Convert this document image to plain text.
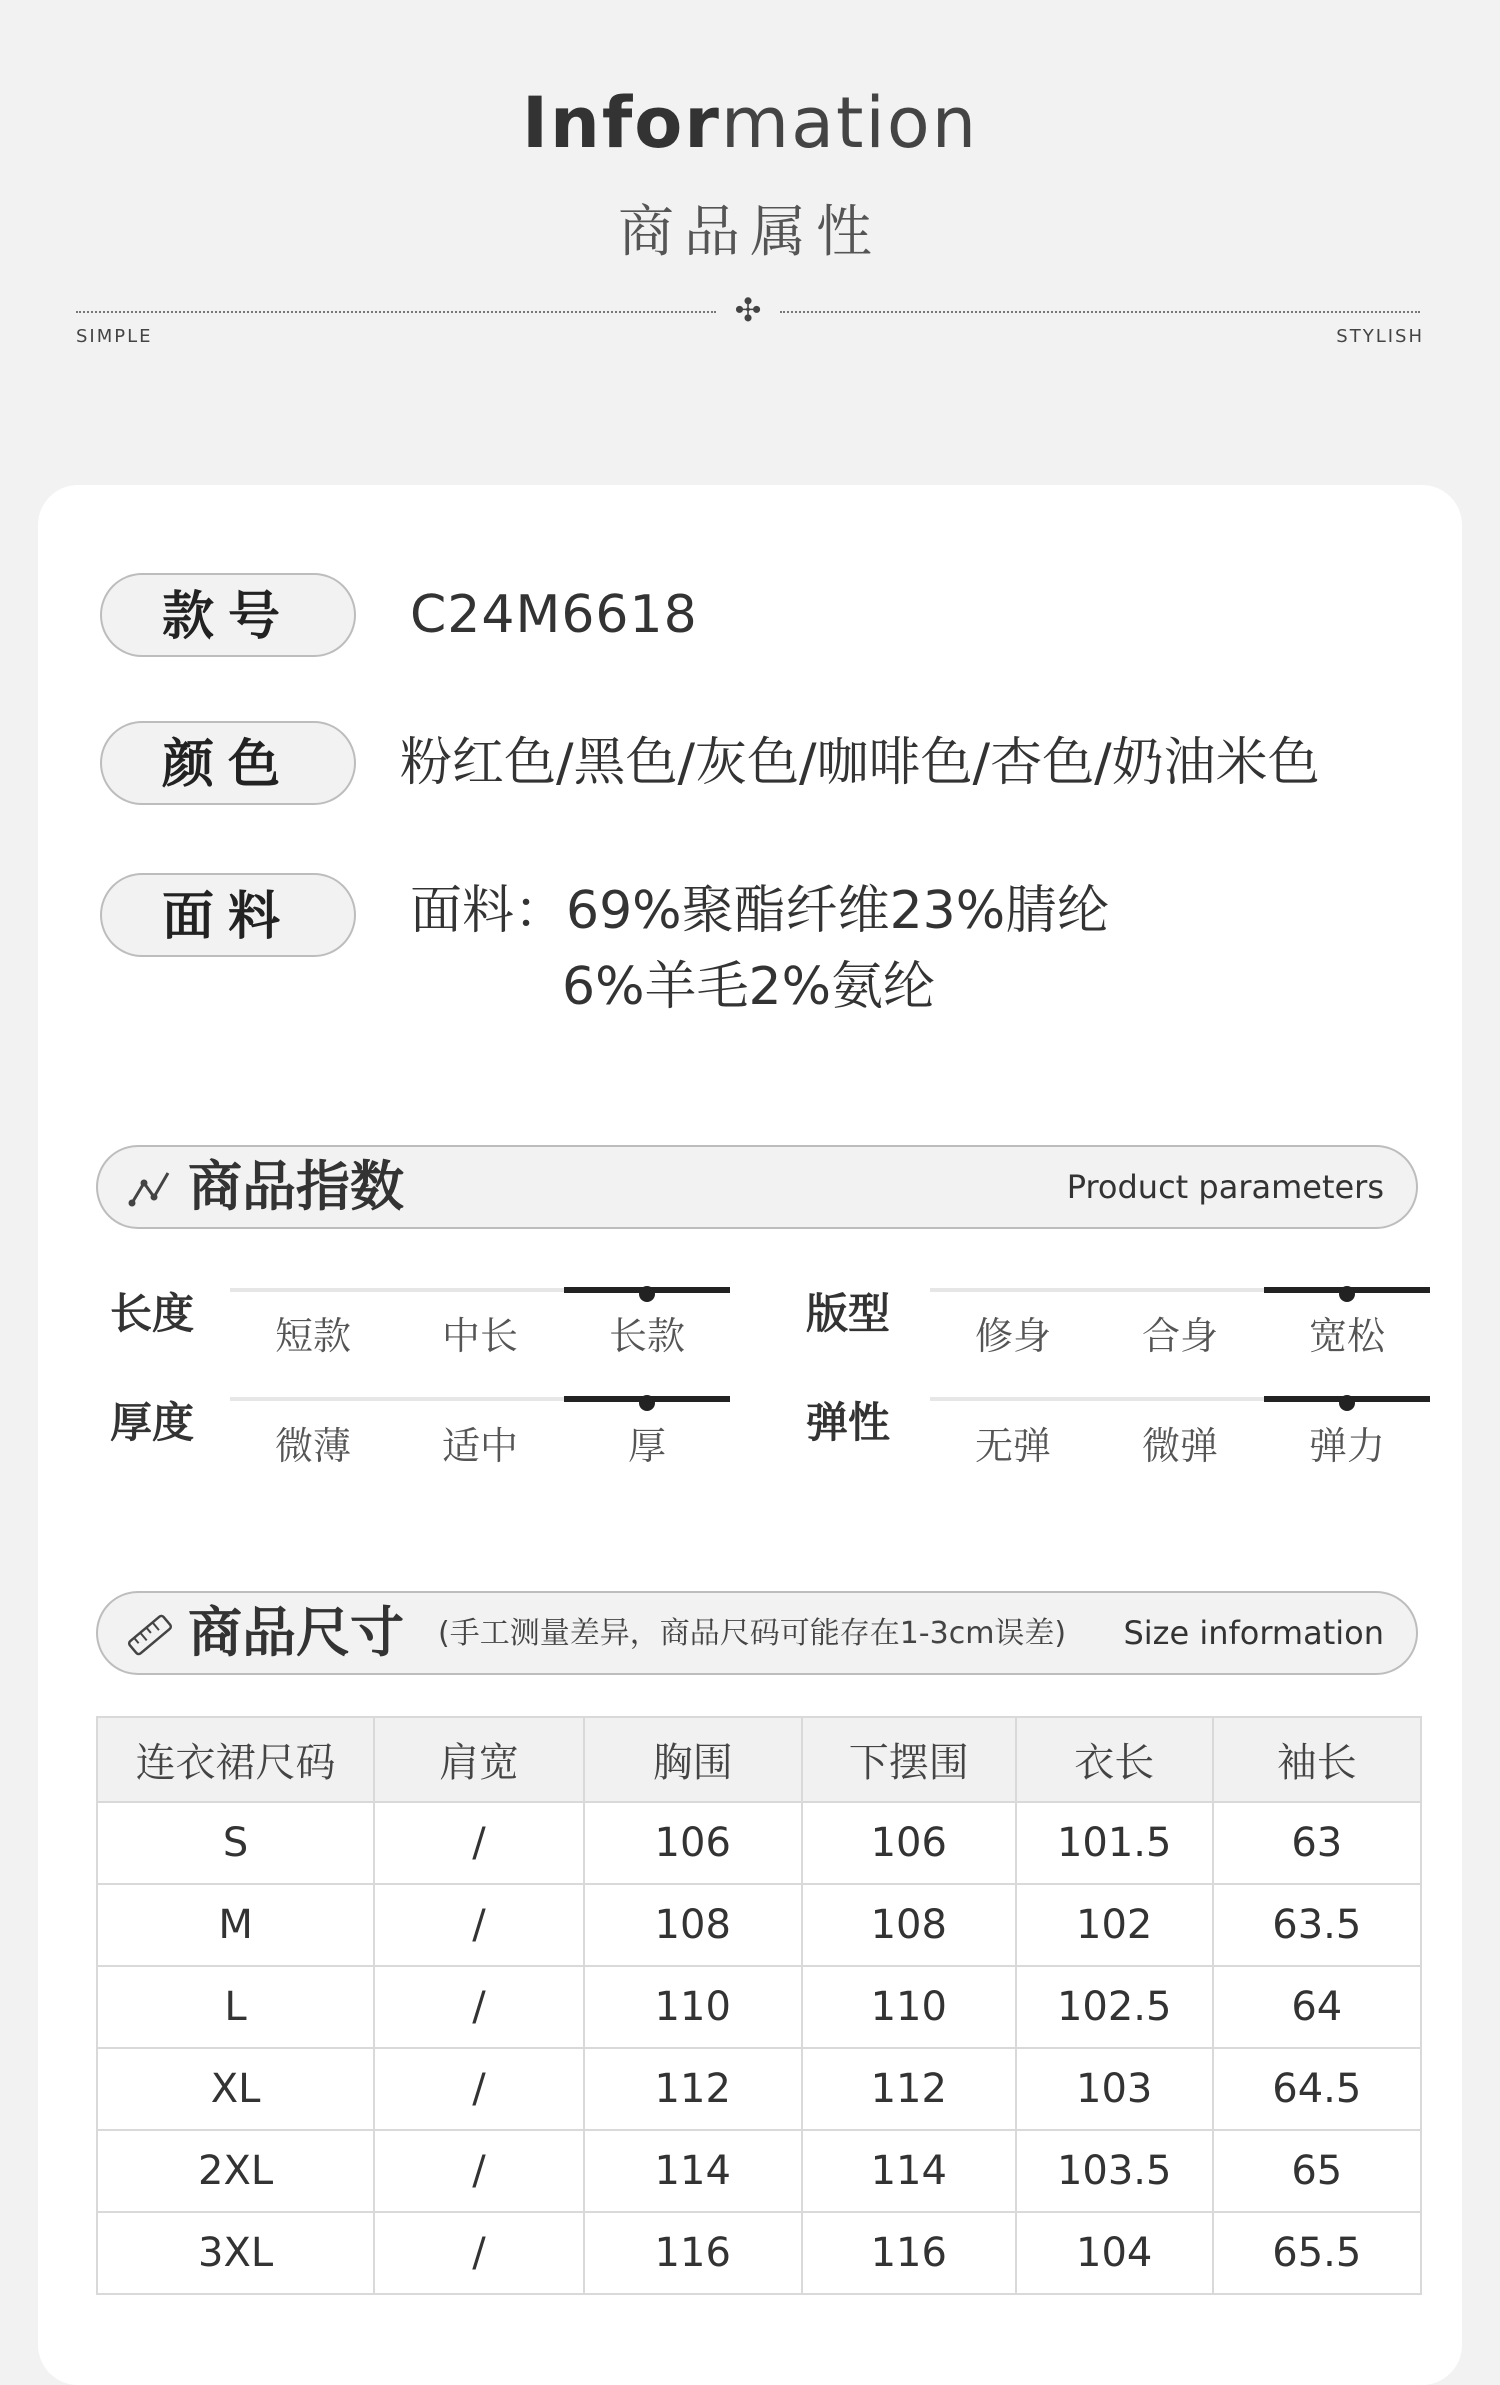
Information
商品属性
✣
SIMPLE	STYLISH
款号	C24M6618
颜色	粉红色/黑色/灰色/咖啡色/杏色/奶油米色
面料	面料：69%聚酯纤维23%腈纶
6%羊毛2%氨纶
商品指数	Product parameters
长度	短款	中长	长款	版型	修身	合身	宽松
厚度	微薄	适中	厚	弹性	无弹	微弹	弹力
商品尺寸 (手工测量差异，商品尺码可能存在1-3cm误差) Size information
连衣裙尺码	肩宽	胸围	下摆围	衣长	袖长
S	/	106	106	101.5	63
M	/	108	108	102	63.5
L	/	110	110	102.5	64
XL	/	112	112	103	64.5
2XL	/	114	114	103.5	65
3XL	/	116	116	104	65.5
